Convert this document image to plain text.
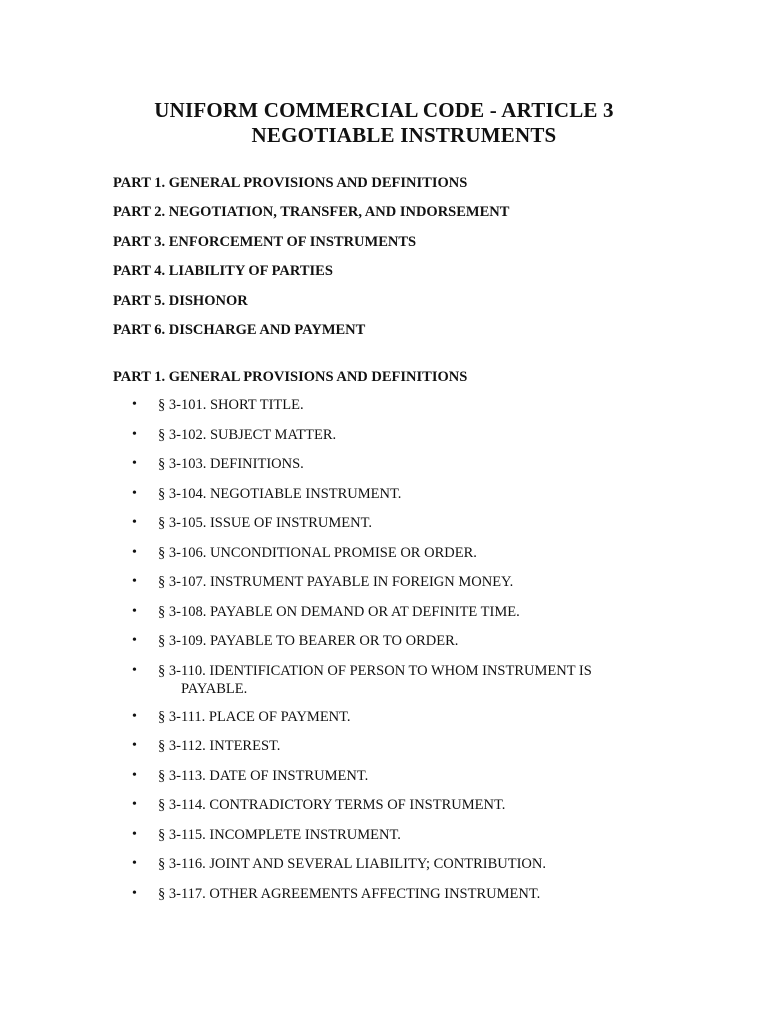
UNIFORM COMMERCIAL CODE - ARTICLE 3
NEGOTIABLE INSTRUMENTS
PART 1. GENERAL PROVISIONS AND DEFINITIONS
PART 2. NEGOTIATION, TRANSFER, AND INDORSEMENT
PART 3. ENFORCEMENT OF INSTRUMENTS
PART 4. LIABILITY OF PARTIES
PART 5. DISHONOR
PART 6. DISCHARGE AND PAYMENT
PART 1. GENERAL PROVISIONS AND DEFINITIONS
• § 3-101. SHORT TITLE.
• § 3-102. SUBJECT MATTER.
• § 3-103. DEFINITIONS.
• § 3-104. NEGOTIABLE INSTRUMENT.
• § 3-105. ISSUE OF INSTRUMENT.
• § 3-106. UNCONDITIONAL PROMISE OR ORDER.
• § 3-107. INSTRUMENT PAYABLE IN FOREIGN MONEY.
• § 3-108. PAYABLE ON DEMAND OR AT DEFINITE TIME.
• § 3-109. PAYABLE TO BEARER OR TO ORDER.
• § 3-110. IDENTIFICATION OF PERSON TO WHOM INSTRUMENT IS
PAYABLE.
• § 3-111. PLACE OF PAYMENT.
• § 3-112. INTEREST.
• § 3-113. DATE OF INSTRUMENT.
• § 3-114. CONTRADICTORY TERMS OF INSTRUMENT.
• § 3-115. INCOMPLETE INSTRUMENT.
• § 3-116. JOINT AND SEVERAL LIABILITY; CONTRIBUTION.
• § 3-117. OTHER AGREEMENTS AFFECTING INSTRUMENT.
